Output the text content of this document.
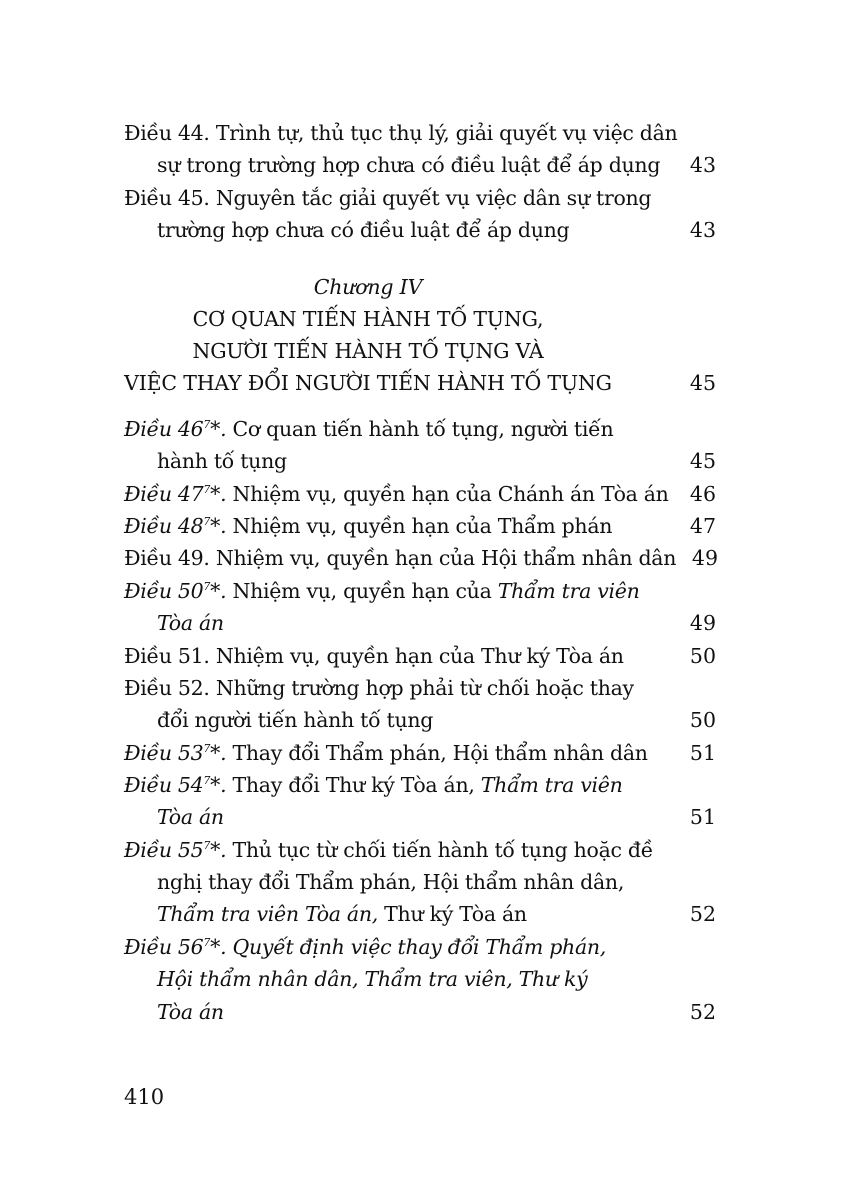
Điều 44. Trình tự, thủ tục thụ lý, giải quyết vụ việc dân
sự trong trường hợp chưa có điều luật để áp dụng 43
Điều 45. Nguyên tắc giải quyết vụ việc dân sự trong
trường hợp chưa có điều luật để áp dụng	43
Chương IV
CƠ QUAN TIẾN HÀNH TỐ TỤNG,
NGƯỜI TIẾN HÀNH TỐ TỤNG VÀ
VIỆC THAY ĐỔI NGƯỜI TIẾN HÀNH TỐ TỤNG	45
Điều $46^7*$. Cơ quan tiến hành tố tụng, người tiến
hành tố tụng	45
Điều $47^7*$. Nhiệm vụ, quyền hạn của Chánh án Tòa án 46
Điều $48^7*$. Nhiệm vụ, quyền hạn của Thẩm phán	47
Điều 49. Nhiệm vụ, quyền hạn của Hội thẩm nhân dân 49
Điều $50^7*$. Nhiệm vụ, quyền hạn của Thẩm tra viên
Tòa án	49
Điều 51. Nhiệm vụ, quyền hạn của Thư ký Tòa án	50
Điều 52. Những trường hợp phải từ chối hoặc thay
đổi người tiến hành tố tụng	50
Điều $53^7*$. Thay đổi Thẩm phán, Hội thẩm nhân dân 51
Điều $54^7*$. Thay đổi Thư ký Tòa án, Thẩm tra viên
Tòa án	51
Điều $55^7*$. Thủ tục từ chối tiến hành tố tụng hoặc đề
nghị thay đổi Thẩm phán, Hội thẩm nhân dân,
Thẩm tra viên Tòa án, Thư ký Tòa án	52
Điều $56^7*$. Quyết định việc thay đổi Thẩm phán,
Hội thẩm nhân dân, Thẩm tra viên, Thư ký
Tòa án	52
410
